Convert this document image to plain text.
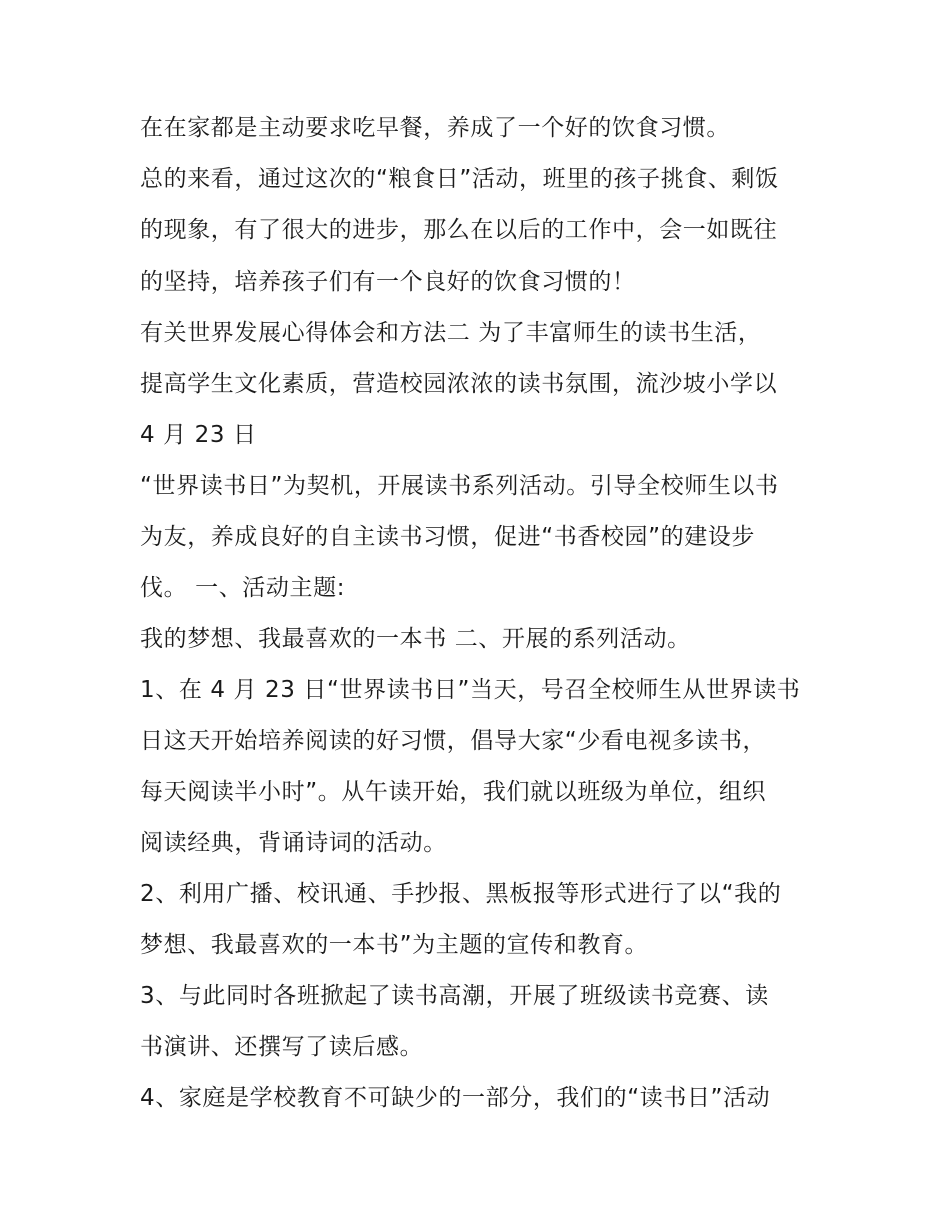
在在家都是主动要求吃早餐，养成了一个好的饮食习惯。

总的来看，通过这次的“粮食日”活动，班里的孩子挑食、剩饭

的现象，有了很大的进步，那么在以后的工作中，会一如既往

的坚持，培养孩子们有一个良好的饮食习惯的！

有关世界发展心得体会和方法二 为了丰富师生的读书生活，

提高学生文化素质，营造校园浓浓的读书氛围，流沙坡小学以

4 月 23 日

“世界读书日”为契机，开展读书系列活动。引导全校师生以书

为友，养成良好的自主读书习惯，促进“书香校园”的建设步

伐。 一、活动主题:

我的梦想、我最喜欢的一本书 二、开展的系列活动。

1、在 4 月 23 日“世界读书日”当天，号召全校师生从世界读书

日这天开始培养阅读的好习惯，倡导大家“少看电视多读书，

每天阅读半小时”。从午读开始，我们就以班级为单位，组织

阅读经典，背诵诗词的活动。

2、利用广播、校讯通、手抄报、黑板报等形式进行了以“我的

梦想、我最喜欢的一本书”为主题的宣传和教育。

3、与此同时各班掀起了读书高潮，开展了班级读书竞赛、读

书演讲、还撰写了读后感。

4、家庭是学校教育不可缺少的一部分，我们的“读书日”活动
